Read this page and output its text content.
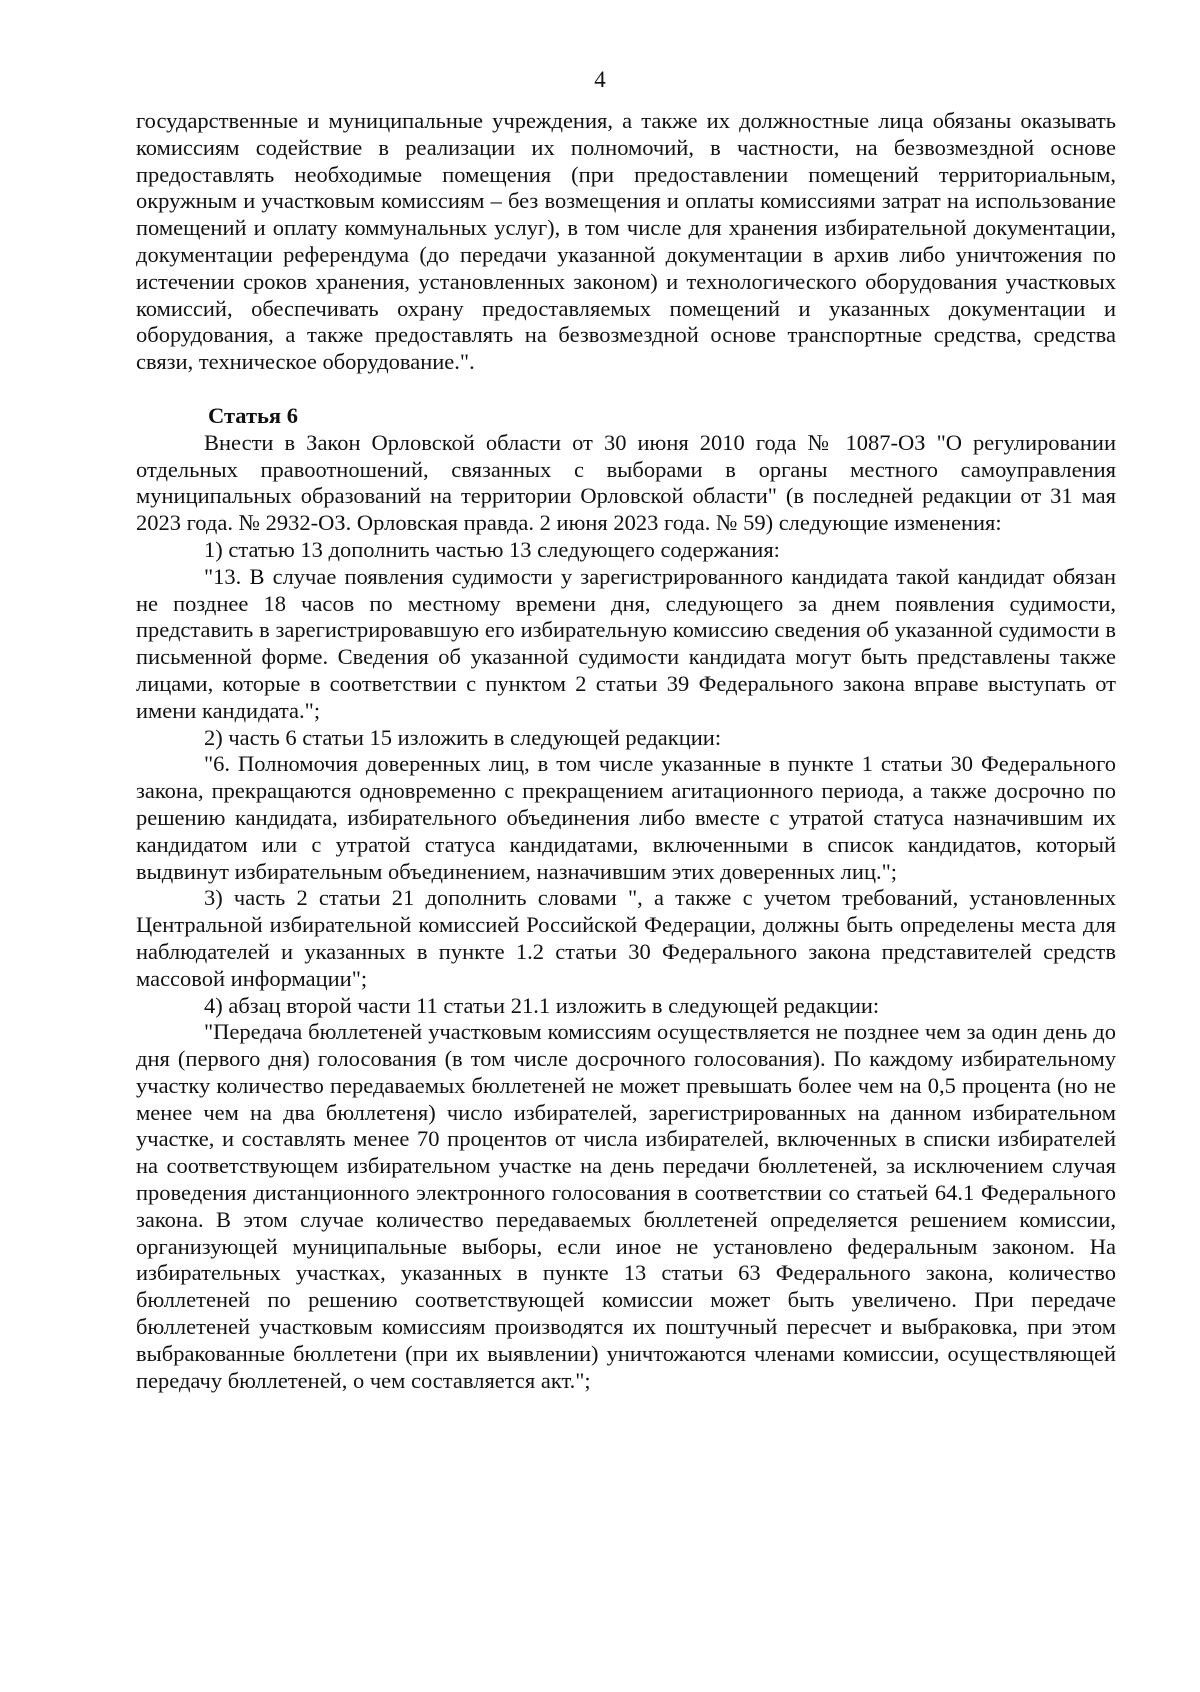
4

государственные и муниципальные учреждения, а также их должностные лица обязаны оказывать комиссиям содействие в реализации их полномочий, в частности, на безвозмездной основе предоставлять необходимые помещения (при предоставлении помещений территориальным, окружным и участковым комиссиям – без возмещения и оплаты комиссиями затрат на использование помещений и оплату коммунальных услуг), в том числе для хранения избирательной документации, документации референдума (до передачи указанной документации в архив либо уничтожения по истечении сроков хранения, установленных законом) и технологического оборудования участковых комиссий, обеспечивать охрану предоставляемых помещений и указанных документации и оборудования, а также предоставлять на безвозмездной основе транспортные средства, средства связи, техническое оборудование.".

Статья 6

Внести в Закон Орловской области от 30 июня 2010 года № 1087-ОЗ "О регулировании отдельных правоотношений, связанных с выборами в органы местного самоуправления муниципальных образований на территории Орловской области" (в последней редакции от 31 мая 2023 года. № 2932-ОЗ. Орловская правда. 2 июня 2023 года. № 59) следующие изменения:

1) статью 13 дополнить частью 13 следующего содержания:

"13. В случае появления судимости у зарегистрированного кандидата такой кандидат обязан не позднее 18 часов по местному времени дня, следующего за днем появления судимости, представить в зарегистрировавшую его избирательную комиссию сведения об указанной судимости в письменной форме. Сведения об указанной судимости кандидата могут быть представлены также лицами, которые в соответствии с пунктом 2 статьи 39 Федерального закона вправе выступать от имени кандидата.";

2) часть 6 статьи 15 изложить в следующей редакции:

"6. Полномочия доверенных лиц, в том числе указанные в пункте 1 статьи 30 Федерального закона, прекращаются одновременно с прекращением агитационного периода, а также досрочно по решению кандидата, избирательного объединения либо вместе с утратой статуса назначившим их кандидатом или с утратой статуса кандидатами, включенными в список кандидатов, который выдвинут избирательным объединением, назначившим этих доверенных лиц.";

3) часть 2 статьи 21 дополнить словами ", а также с учетом требований, установленных Центральной избирательной комиссией Российской Федерации, должны быть определены места для наблюдателей и указанных в пункте 1.2 статьи 30 Федерального закона представителей средств массовой информации";

4) абзац второй части 11 статьи 21.1 изложить в следующей редакции:

"Передача бюллетеней участковым комиссиям осуществляется не позднее чем за один день до дня (первого дня) голосования (в том числе досрочного голосования). По каждому избирательному участку количество передаваемых бюллетеней не может превышать более чем на 0,5 процента (но не менее чем на два бюллетеня) число избирателей, зарегистрированных на данном избирательном участке, и составлять менее 70 процентов от числа избирателей, включенных в списки избирателей на соответствующем избирательном участке на день передачи бюллетеней, за исключением случая проведения дистанционного электронного голосования в соответствии со статьей 64.1 Федерального закона. В этом случае количество передаваемых бюллетеней определяется решением комиссии, организующей муниципальные выборы, если иное не установлено федеральным законом. На избирательных участках, указанных в пункте 13 статьи 63 Федерального закона, количество бюллетеней по решению соответствующей комиссии может быть увеличено. При передаче бюллетеней участковым комиссиям производятся их поштучный пересчет и выбраковка, при этом выбракованные бюллетени (при их выявлении) уничтожаются членами комиссии, осуществляющей передачу бюллетеней, о чем составляется акт.";
